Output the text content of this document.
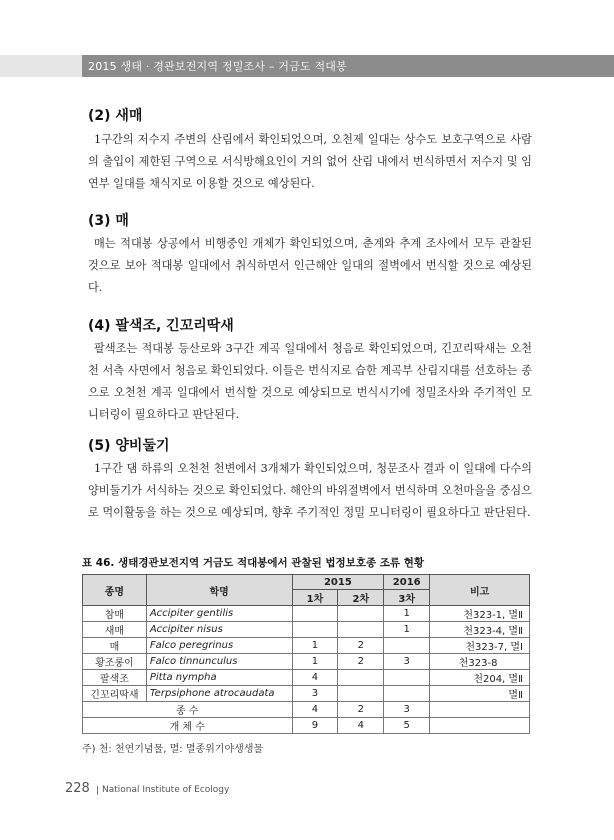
2015 생태 · 경관보전지역 정밀조사 – 거금도 적대봉
(2) 새매
1구간의 저수지 주변의 산림에서 확인되었으며, 오천제 일대는 상수도 보호구역으로 사람의 출입이 제한된 구역으로 서식방해요인이 거의 없어 산림 내에서 번식하면서 저수지 및 임연부 일대를 채식지로 이용할 것으로 예상된다.
(3) 매
매는 적대봉 상공에서 비행중인 개체가 확인되었으며, 춘계와 추계 조사에서 모두 관찰된 것으로 보아 적대봉 일대에서 취식하면서 인근해안 일대의 절벽에서 번식할 것으로 예상된다.
(4) 팔색조, 긴꼬리딱새
팔색조는 적대봉 등산로와 3구간 계곡 일대에서 청음로 확인되었으며, 긴꼬리딱새는 오천천 서측 사면에서 청음로 확인되었다. 이들은 번식지로 습한 계곡부 산림지대를 선호하는 종으로 오천천 계곡 일대에서 번식할 것으로 예상되므로 번식시기에 정밀조사와 주기적인 모니터링이 필요하다고 판단된다.
(5) 양비둘기
1구간 댐 하류의 오천천 천변에서 3개체가 확인되었으며, 청문조사 결과 이 일대에 다수의 양비둘기가 서식하는 것으로 확인되었다. 해안의 바위절벽에서 번식하며 오천마을을 중심으로 먹이활동을 하는 것으로 예상되며, 향후 주기적인 정밀 모니터링이 필요하다고 판단된다.
표 46. 생태경관보전지역 거금도 적대봉에서 관찰된 법정보호종 조류 현황
종명	학명	2015		2016	비고
		1차	2차	3차	
참매	Accipiter gentilis			1	천323-1, 멸Ⅱ
새매	Accipiter nisus			1	천323-4, 멸Ⅱ
매	Falco peregrinus	1	2		천323-7, 멸Ⅰ
황조롱이	Falco tinnunculus	1	2	3	천323-8
팔색조	Pitta nympha	4			천204, 멸Ⅱ
긴꼬리딱새	Terpsiphone atrocaudata	3			멸Ⅱ
종 수		4	2	3	
개 체 수		9	4	5	
주) 천: 천연기념물, 멸: 멸종위기야생생물
228 National Institute of Ecology
